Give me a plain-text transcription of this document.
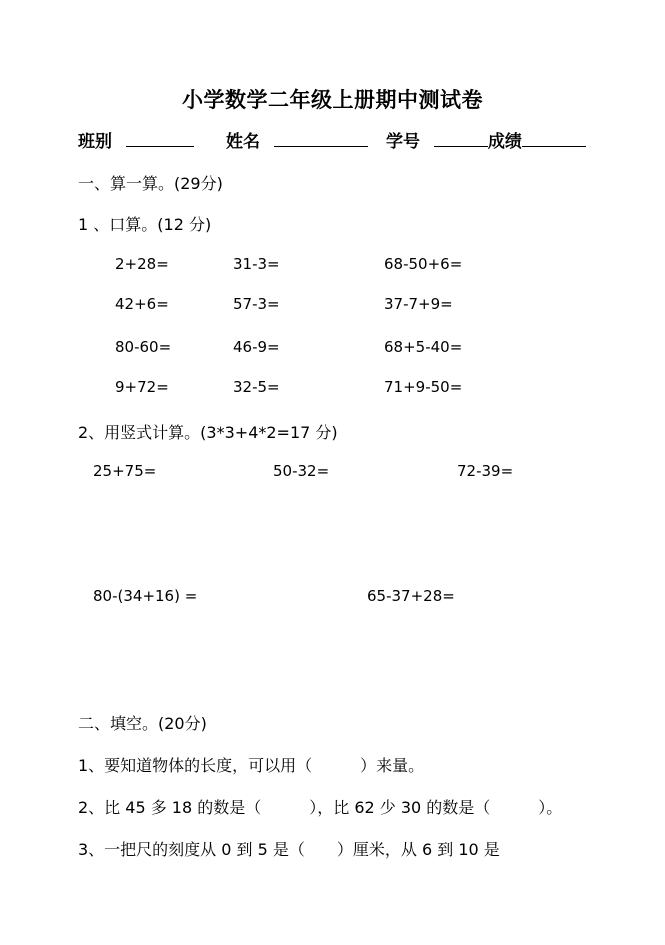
小学数学二年级上册期中测试卷
班别	姓名	学号	成绩
一、算一算。(29分)
1 、口算。(12 分)
2+28=	31-3=	68-50+6=
42+6=	57-3=	37-7+9=
80-60=	46-9=	68+5-40=
9+72=	32-5=	71+9-50=
2、用竖式计算。(3*3+4*2=17 分)
25+75=	50-32=	72-39=
80-(34+16) =	65-37+28=
二、填空。(20分)
1、要知道物体的长度，可以用（　　　）来量。
2、比 45 多 18 的数是（　　　），比 62 少 30 的数是（　　　）。
3、一把尺的刻度从 0 到 5 是（　　）厘米，从 6 到 10 是
